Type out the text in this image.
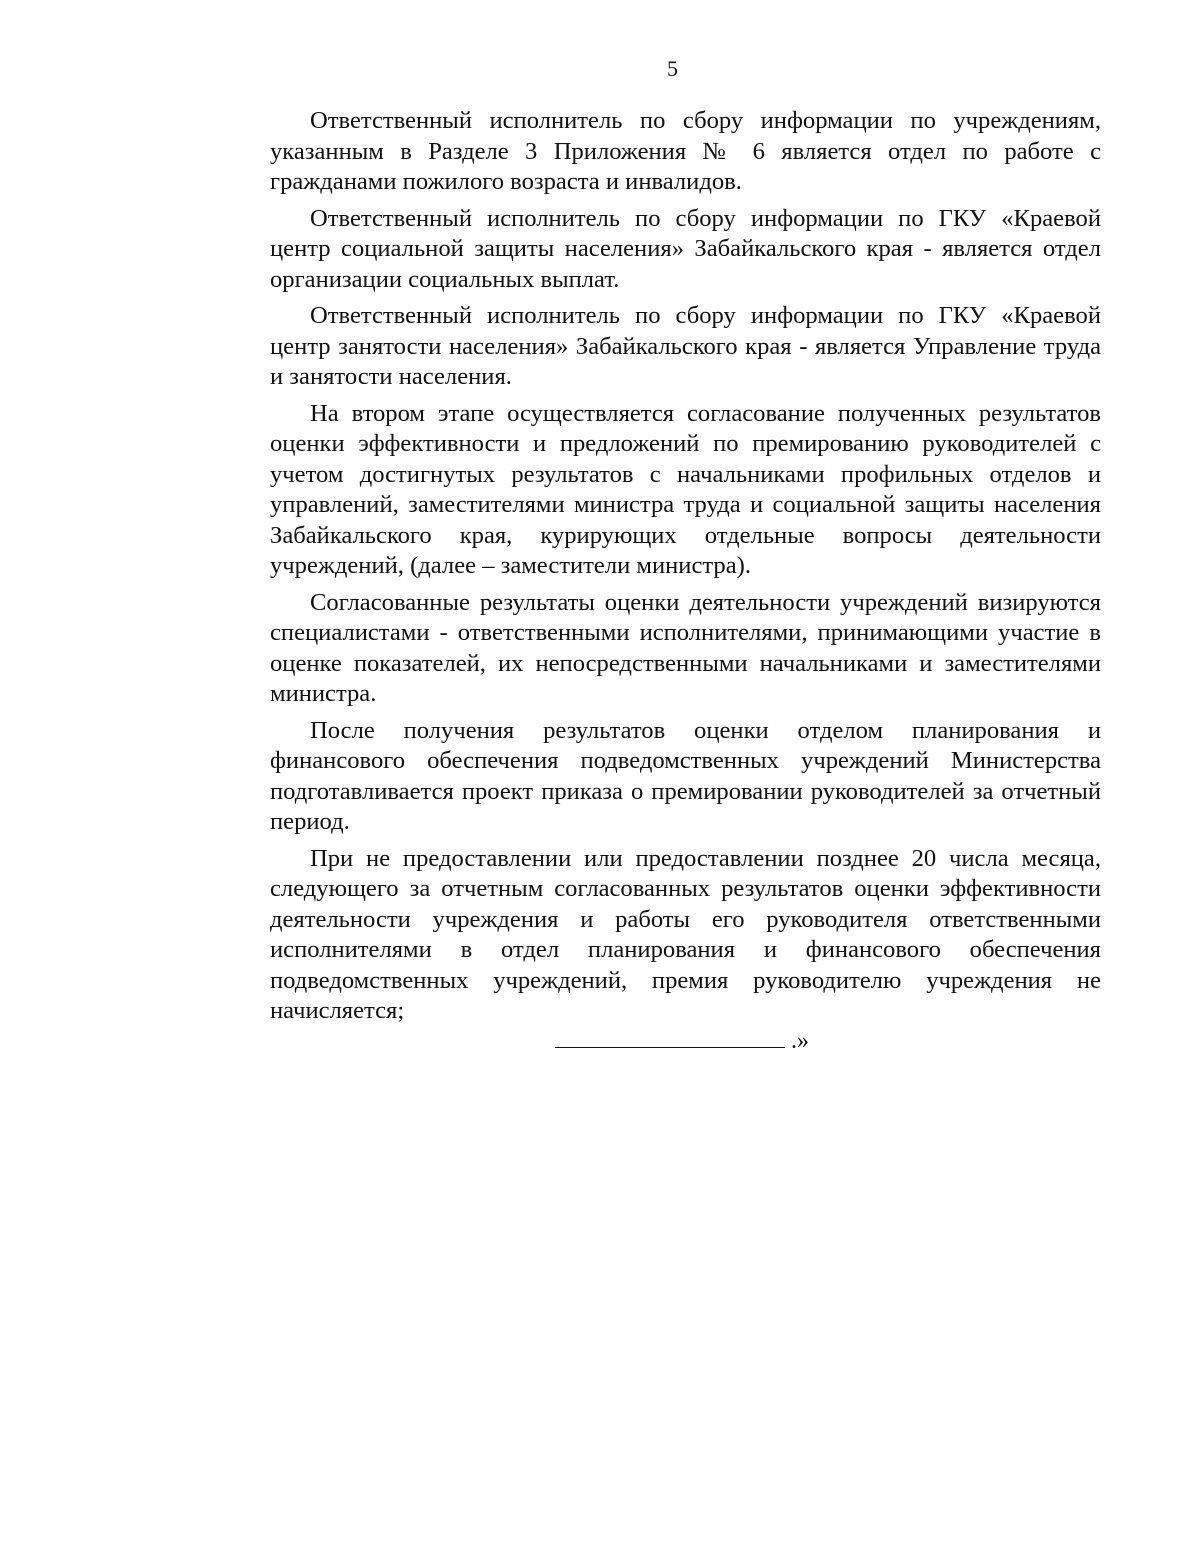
5

Ответственный исполнитель по сбору информации по учреждениям, указанным в Разделе 3 Приложения № 6 является отдел по работе с гражданами пожилого возраста и инвалидов.

Ответственный исполнитель по сбору информации по ГКУ «Краевой центр социальной защиты населения» Забайкальского края - является отдел организации социальных выплат.

Ответственный исполнитель по сбору информации по ГКУ «Краевой центр занятости населения» Забайкальского края - является Управление труда и занятости населения.

На втором этапе осуществляется согласование полученных результатов оценки эффективности и предложений по премированию руководителей с учетом достигнутых результатов с начальниками профильных отделов и управлений, заместителями министра труда и социальной защиты населения Забайкальского края, курирующих отдельные вопросы деятельности учреждений, (далее – заместители министра).

Согласованные результаты оценки деятельности учреждений визируются специалистами - ответственными исполнителями, принимающими участие в оценке показателей, их непосредственными начальниками и заместителями министра.

После получения результатов оценки отделом планирования и финансового обеспечения подведомственных учреждений Министерства подготавливается проект приказа о премировании руководителей за отчетный период.

При не предоставлении или предоставлении позднее 20 числа месяца, следующего за отчетным согласованных результатов оценки эффективности деятельности учреждения и работы его руководителя ответственными исполнителями в отдел планирования и финансового обеспечения подведомственных учреждений, премия руководителю учреждения не начисляется;

.»
